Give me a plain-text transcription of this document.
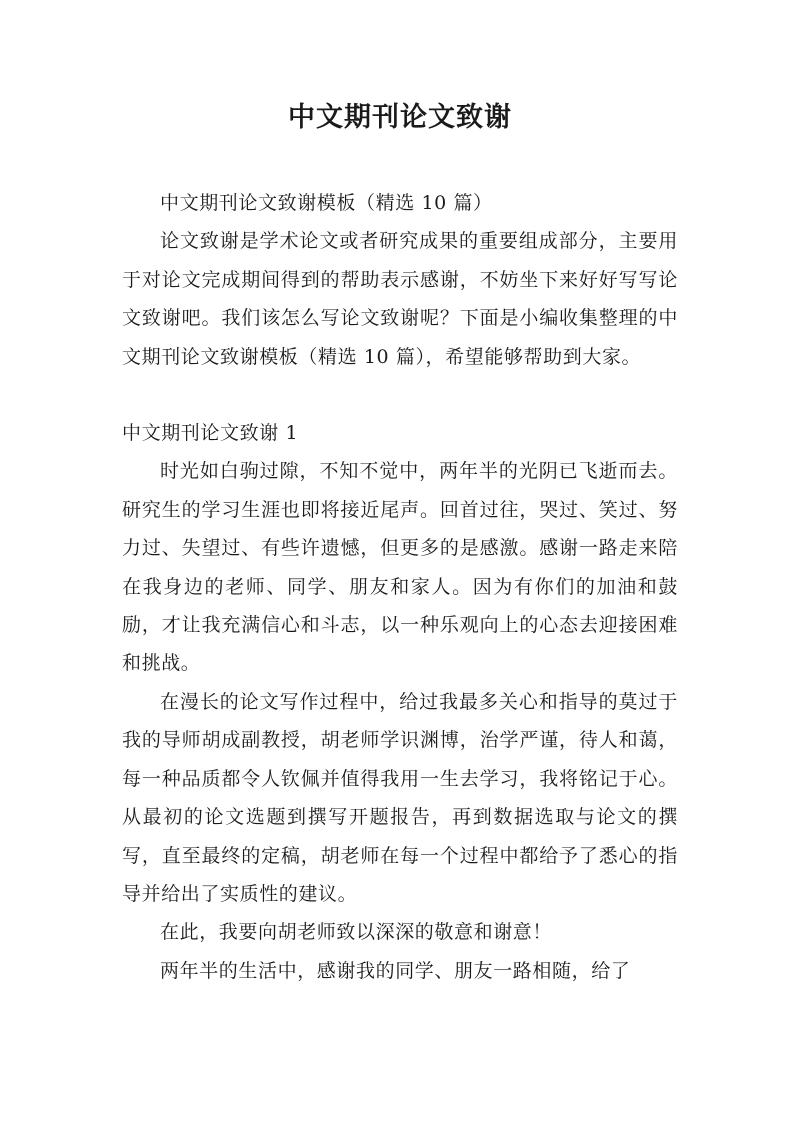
中文期刊论文致谢

中文期刊论文致谢模板（精选 10 篇）

论文致谢是学术论文或者研究成果的重要组成部分，主要用于对论文完成期间得到的帮助表示感谢，不妨坐下来好好写写论文致谢吧。我们该怎么写论文致谢呢？下面是小编收集整理的中文期刊论文致谢模板（精选 10 篇），希望能够帮助到大家。

中文期刊论文致谢 1

时光如白驹过隙，不知不觉中，两年半的光阴已飞逝而去。研究生的学习生涯也即将接近尾声。回首过往，哭过、笑过、努力过、失望过、有些许遗憾，但更多的是感激。感谢一路走来陪在我身边的老师、同学、朋友和家人。因为有你们的加油和鼓励，才让我充满信心和斗志，以一种乐观向上的心态去迎接困难和挑战。

在漫长的论文写作过程中，给过我最多关心和指导的莫过于我的导师胡成副教授，胡老师学识渊博，治学严谨，待人和蔼，每一种品质都令人钦佩并值得我用一生去学习，我将铭记于心。从最初的论文选题到撰写开题报告，再到数据选取与论文的撰写，直至最终的定稿，胡老师在每一个过程中都给予了悉心的指导并给出了实质性的建议。

在此，我要向胡老师致以深深的敬意和谢意！

两年半的生活中，感谢我的同学、朋友一路相随，给了
